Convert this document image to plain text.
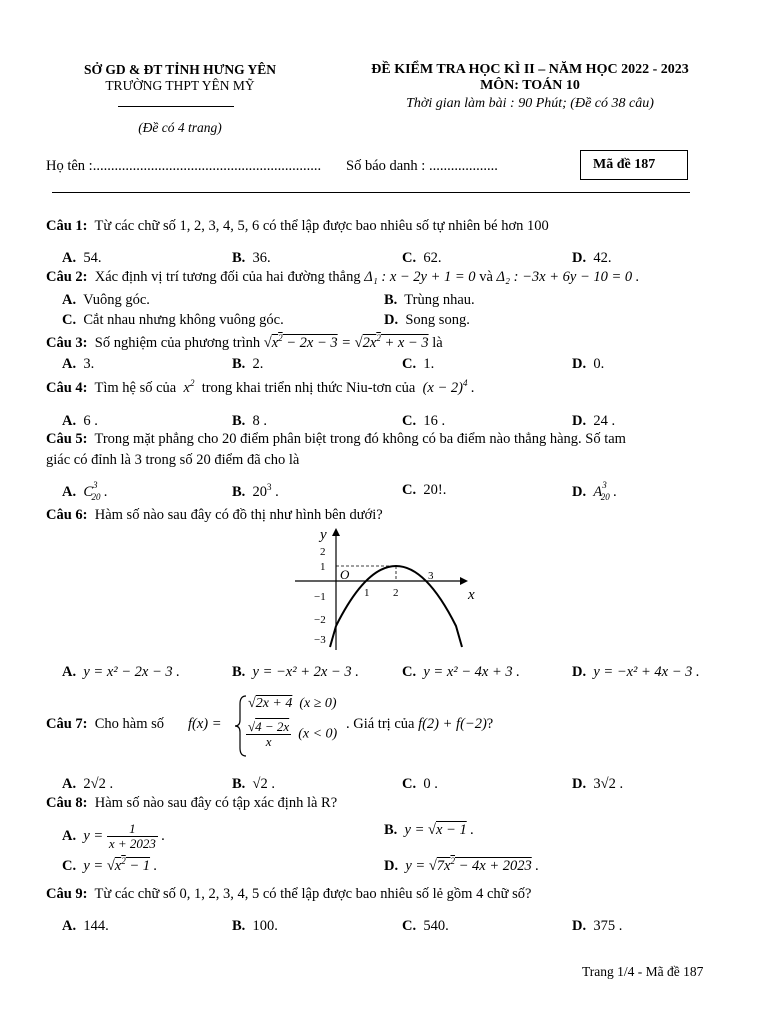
SỞ GD & ĐT TỈNH HƯNG YÊN
TRƯỜNG THPT YÊN MỸ
(Đề có 4 trang)
ĐỀ KIỂM TRA HỌC KÌ II – NĂM HỌC 2022 - 2023
MÔN: TOÁN 10
Thời gian làm bài : 90 Phút; (Đề có 38 câu)
Họ tên :............................................................... Số báo danh : ...................	Mã đề 187
Câu 1: Từ các chữ số 1, 2, 3, 4, 5, 6 có thể lập được bao nhiêu số tự nhiên bé hơn 100
A. 54.	B. 36.	C. 62.	D. 42.
Câu 2: Xác định vị trí tương đối của hai đường thẳng Δ₁ : x − 2y + 1 = 0 và Δ₂ : −3x + 6y − 10 = 0 .
A. Vuông góc.	B. Trùng nhau.
C. Cắt nhau nhưng không vuông góc.	D. Song song.
Câu 3: Số nghiệm của phương trình $√x^2 - 2x - 3 = √2x^2 + x - 3$ là
A. 3.	B. 2.	C. 1.	D. 0.
Câu 4: Tìm hệ số của  $x^2$ trong khai triển nhị thức Niu-tơn của  $(x - 2)^4$ .
A. 6 .	B. 8 .	C. 16 .	D. 24 .
Câu 5: Trong mặt phẳng cho 20 điểm phân biệt trong đó không có ba điểm nào thẳng hàng. Số tam
giác có đỉnh là 3 trong số 20 điểm đã cho là
A. $C^3_{20}$ .	B. $20^3$ .	C. 20!.	D. $A^3_{20}$ .
Câu 6: Hàm số nào sau đây có đồ thị như hình bên dưới?
y
x
O
2
1
−1
−2
−3
1 2
3
A. y = x² − 2x − 3 .	B. y = −x² + 2x − 3 .	C. y = x² − 4x + 3 .	D. y = −x² + 4x − 3 .
Câu 7: Cho hàm số f(x) =
√2x + 4  (x ≥ 0)
$\frac{√4 - 2x}{x} (x < 0)$
. Giá trị của f(2) + f(−2)?
A. 2√2 .	B. √2 .	C. 0 .	D. 3√2 .
Câu 8: Hàm số nào sau đây có tập xác định là R?
A. $y = \frac{1}{x + 2023}$ .	B. y = √x − 1 .
C. $y = √x^2 - 1$ .	D. $y = √7x^2 - 4x + 2023$ .
Câu 9: Từ các chữ số 0, 1, 2, 3, 4, 5 có thể lập được bao nhiêu số lẻ gồm 4 chữ số?
A. 144.	B. 100.	C. 540.	D. 375 .
Trang 1/4 - Mã đề 187
